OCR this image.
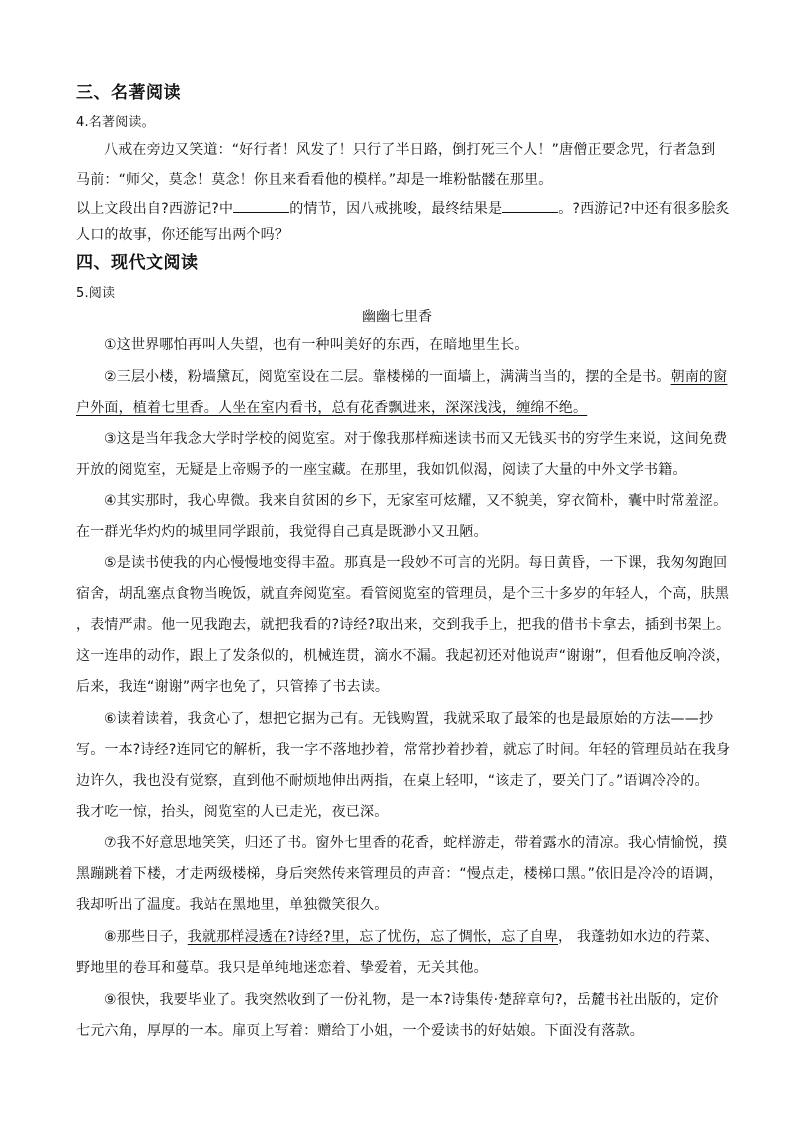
三、名著阅读
4.名著阅读。
八戒在旁边又笑道：“好行者！风发了！只行了半日路，倒打死三个人！”唐僧正要念咒，行者急到
马前：“师父，莫念！莫念！你且来看看他的模样。”却是一堆粉骷髅在那里。
以上文段出自?西游记?中	的情节，因八戒挑唆，最终结果是	。?西游记?中还有很多脍炙
人口的故事，你还能写出两个吗？
四、现代文阅读
5.阅读
幽幽七里香
①这世界哪怕再叫人失望，也有一种叫美好的东西，在暗地里生长。
②三层小楼，粉墙黛瓦，阅览室设在二层。靠楼梯的一面墙上，满满当当的，摆的全是书。朝南的窗
户外面，植着七里香。人坐在室内看书，总有花香飘进来，深深浅浅，缠绵不绝。
③这是当年我念大学时学校的阅览室。对于像我那样痴迷读书而又无钱买书的穷学生来说，这间免费
开放的阅览室，无疑是上帝赐予的一座宝藏。在那里，我如饥似渴，阅读了大量的中外文学书籍。
④其实那时，我心卑微。我来自贫困的乡下，无家室可炫耀，又不貌美，穿衣简朴，囊中时常羞涩。
在一群光华灼灼的城里同学跟前，我觉得自己真是既渺小又丑陋。
⑤是读书使我的内心慢慢地变得丰盈。那真是一段妙不可言的光阴。每日黄昏，一下课，我匆匆跑回
宿舍，胡乱塞点食物当晚饭，就直奔阅览室。看管阅览室的管理员，是个三十多岁的年轻人，个高，肤黑
，表情严肃。他一见我跑去，就把我看的?诗经?取出来，交到我手上，把我的借书卡拿去，插到书架上。
这一连串的动作，跟上了发条似的，机械连贯，滴水不漏。我起初还对他说声“谢谢”，但看他反响冷淡，
后来，我连“谢谢”两字也免了，只管捧了书去读。
⑥读着读着，我贪心了，想把它据为己有。无钱购置，我就采取了最笨的也是最原始的方法——抄
写。一本?诗经?连同它的解析，我一字不落地抄着，常常抄着抄着，就忘了时间。年轻的管理员站在我身
边许久，我也没有觉察，直到他不耐烦地伸出两指，在桌上轻叩，“该走了，要关门了。”语调冷冷的。
我才吃一惊，抬头，阅览室的人已走光，夜已深。
⑦我不好意思地笑笑，归还了书。窗外七里香的花香，蛇样游走，带着露水的清凉。我心情愉悦，摸
黑蹦跳着下楼，才走两级楼梯，身后突然传来管理员的声音：“慢点走，楼梯口黑。”依旧是冷冷的语调，
我却听出了温度。我站在黑地里，单独微笑很久。
⑧那些日子，我就那样浸透在?诗经?里，忘了忧伤，忘了惆怅，忘了自卑， 我蓬勃如水边的荇菜、
野地里的卷耳和蔓草。我只是单纯地迷恋着、挚爱着，无关其他。
⑨很快，我要毕业了。我突然收到了一份礼物，是一本?诗集传·楚辞章句?，岳麓书社出版的，定价
七元六角，厚厚的一本。扉页上写着：赠给丁小姐，一个爱读书的好姑娘。下面没有落款。
